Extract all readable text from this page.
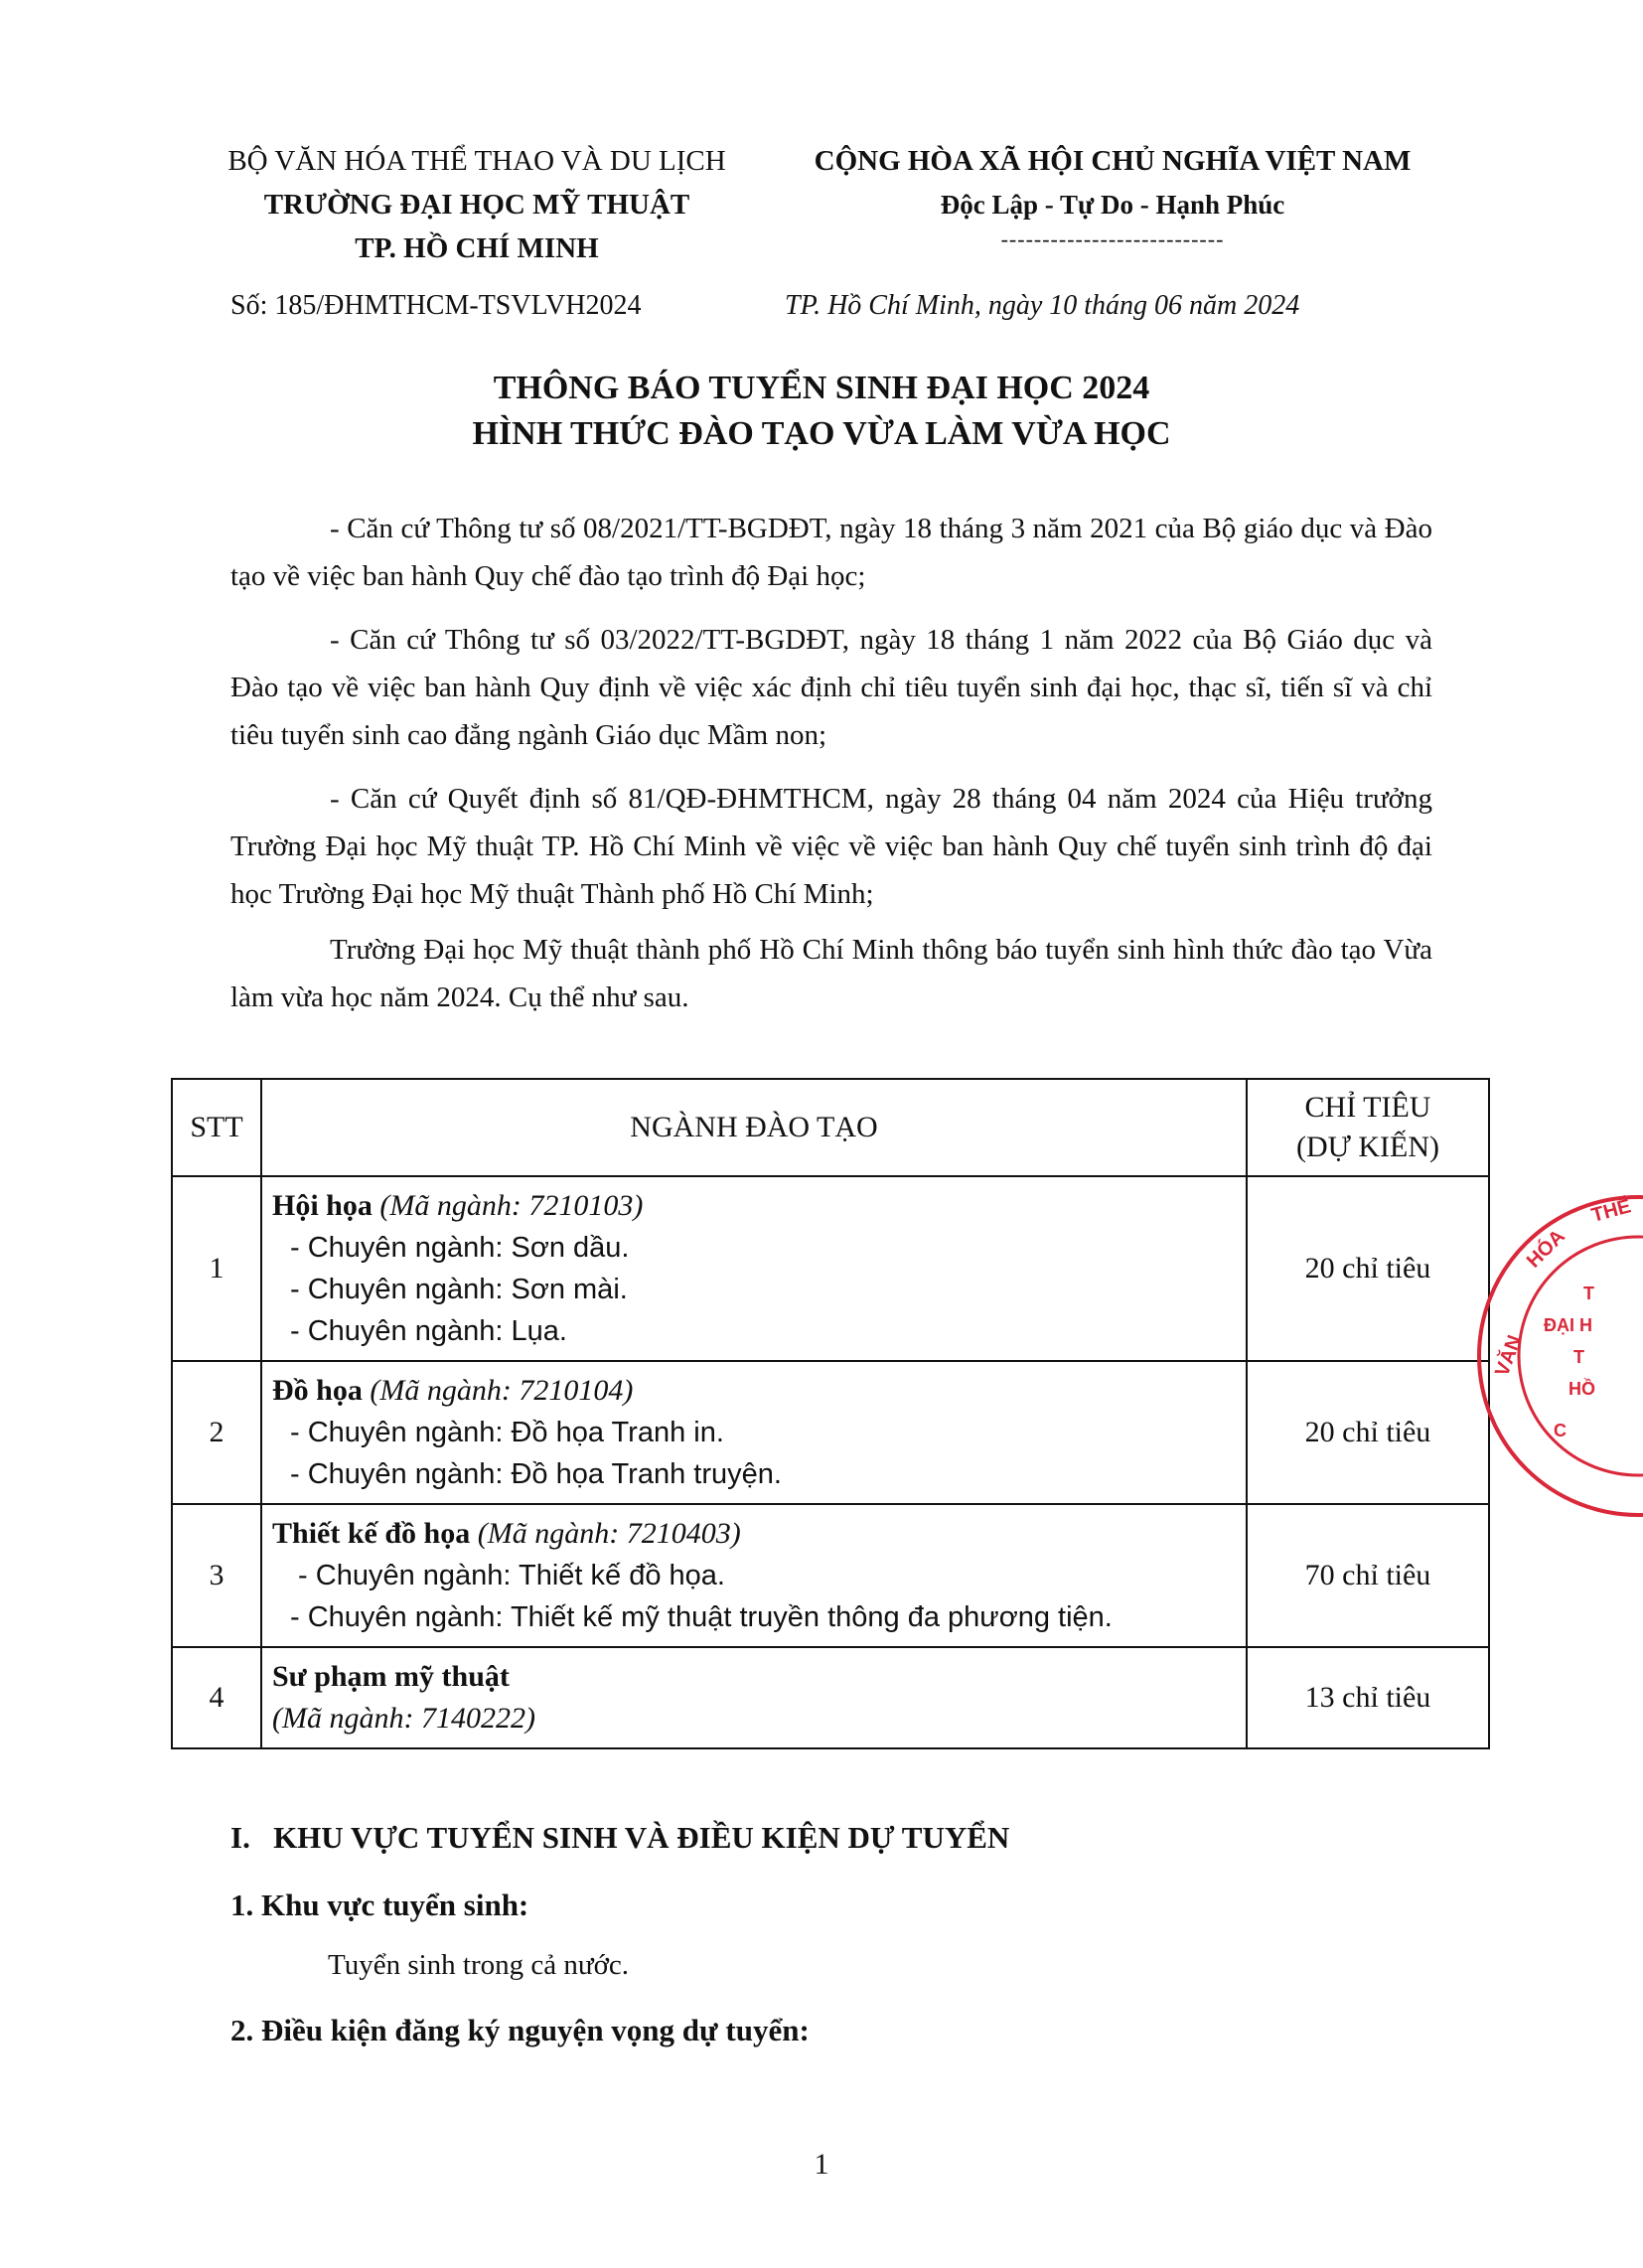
BỘ VĂN HÓA THỂ THAO VÀ DU LỊCH
TRƯỜNG ĐẠI HỌC MỸ THUẬT
TP. HỒ CHÍ MINH
CỘNG HÒA XÃ HỘI CHỦ NGHĨA VIỆT NAM
Độc Lập - Tự Do - Hạnh Phúc
---------------------------
Số: 185/ĐHMTHCM-TSVLVH2024	TP. Hồ Chí Minh, ngày 10 tháng 06 năm 2024
THÔNG BÁO TUYỂN SINH ĐẠI HỌC 2024
HÌNH THỨC ĐÀO TẠO VỪA LÀM VỪA HỌC
- Căn cứ Thông tư số 08/2021/TT-BGDĐT, ngày 18 tháng 3 năm 2021 của Bộ giáo dục và Đào tạo về việc ban hành Quy chế đào tạo trình độ Đại học;
- Căn cứ Thông tư số 03/2022/TT-BGDĐT, ngày 18 tháng 1 năm 2022 của Bộ Giáo dục và Đào tạo về việc ban hành Quy định về việc xác định chỉ tiêu tuyển sinh đại học, thạc sĩ, tiến sĩ và chỉ tiêu tuyển sinh cao đẳng ngành Giáo dục Mầm non;
- Căn cứ Quyết định số 81/QĐ-ĐHMTHCM, ngày 28 tháng 04 năm 2024 của Hiệu trưởng Trường Đại học Mỹ thuật TP. Hồ Chí Minh về việc về việc ban hành Quy chế tuyển sinh trình độ đại học Trường Đại học Mỹ thuật Thành phố Hồ Chí Minh;
Trường Đại học Mỹ thuật thành phố Hồ Chí Minh thông báo tuyển sinh hình thức đào tạo Vừa làm vừa học năm 2024. Cụ thể như sau.
STT	NGÀNH ĐÀO TẠO	CHỈ TIÊU
(DỰ KIẾN)

1	Hội họa (Mã ngành: 7210103)
- Chuyên ngành: Sơn dầu.
- Chuyên ngành: Sơn mài.
- Chuyên ngành: Lụa.	20 chỉ tiêu
2	Đồ họa (Mã ngành: 7210104)
- Chuyên ngành: Đồ họa Tranh in.
- Chuyên ngành: Đồ họa Tranh truyện.	20 chỉ tiêu
3	Thiết kế đồ họa (Mã ngành: 7210403)
- Chuyên ngành: Thiết kế đồ họa.
- Chuyên ngành: Thiết kế mỹ thuật truyền thông đa phương tiện.	70 chỉ tiêu
4	Sư phạm mỹ thuật
(Mã ngành: 7140222)	13 chỉ tiêu
I.   KHU VỰC TUYỂN SINH VÀ ĐIỀU KIỆN DỰ TUYỂN
1. Khu vực tuyển sinh:
Tuyển sinh trong cả nước.
2. Điều kiện đăng ký nguyện vọng dự tuyển:
1
VĂN
HÓA
THỂ
T
ĐẠI H
T
HỒ
C
